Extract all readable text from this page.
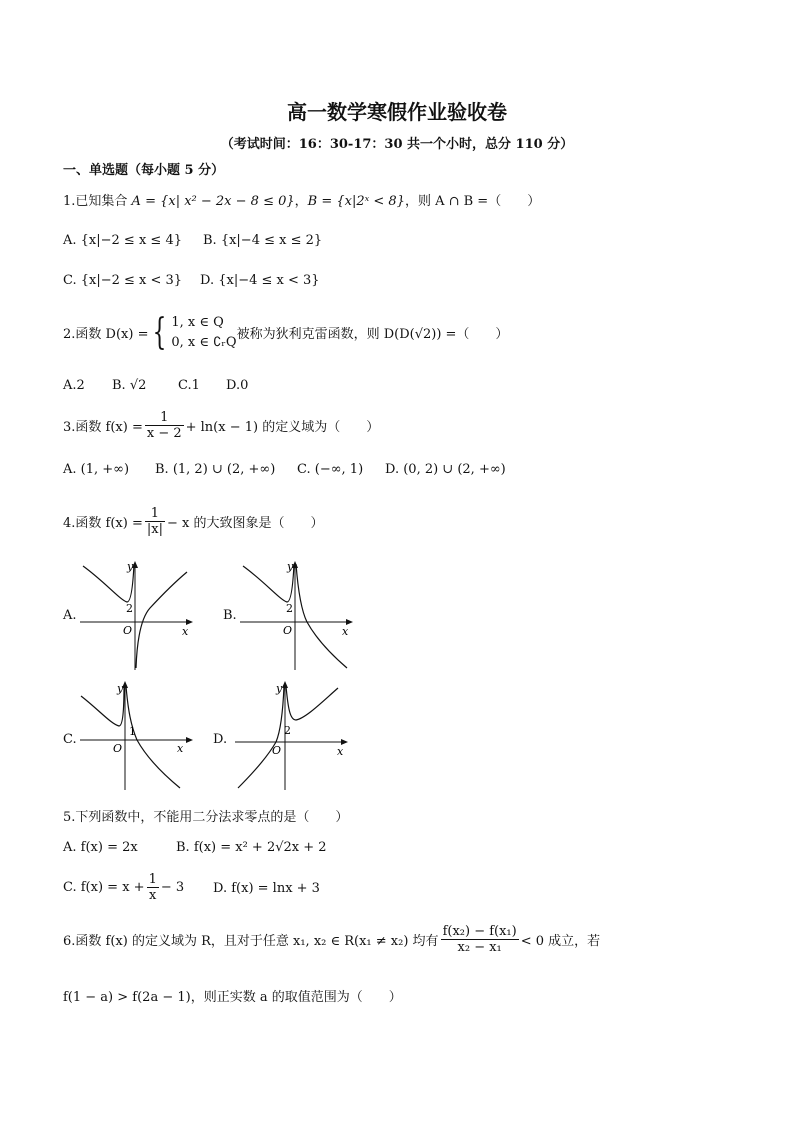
高一数学寒假作业验收卷
（考试时间：16：30-17：30 共一个小时，总分 110 分）
一、单选题（每小题 5 分）
1.已知集合 A = {x| x² − 2x − 8 ≤ 0}，B = {x|2ˣ < 8}，则 A ∩ B =（　　）
A. {x|−2 ≤ x ≤ 4} B. {x|−4 ≤ x ≤ 2}
C. {x|−2 ≤ x < 3} D. {x|−4 ≤ x < 3}
2.函数 D(x) = { 1, x ∈ Q
0, x ∈ ∁ᵣQ 被称为狄利克雷函数，则 D(D(√2)) =（　　）
A.2 B. √2 C.1 D.0
3.函数 $f(x) = \frac{1}{x - 2} + \ln(x - 1)$ 的定义域为（　　）
A. (1, +∞) B. (1, 2) ∪ (2, +∞) C. (−∞, 1) D. (0, 2) ∪ (2, +∞)
4.函数 $f(x) = \frac{1}{|x|} - x$ 的大致图象是（　　）
A.	2
O	x
y
B.	2
O	x
y
C.
1
O	x
y
D.
2
O	x
y
5.下列函数中，不能用二分法求零点的是（　　）
A. f(x) = 2x	B. f(x) = x² + 2√2x + 2
C. $f(x) = x + \frac{1}{x} - 3$ D. f(x) = lnx + 3
6.函数 f(x) 的定义域为 R，且对于任意 x₁, x₂ ∈ R(x₁ ≠ x₂) 均有 $\frac{\text{f(x₂) − f(x₁)}}{\text{x₂ − x₁}} < 0$ 成立，若
f(1 − a) > f(2a − 1)，则正实数 a 的取值范围为（　　）
